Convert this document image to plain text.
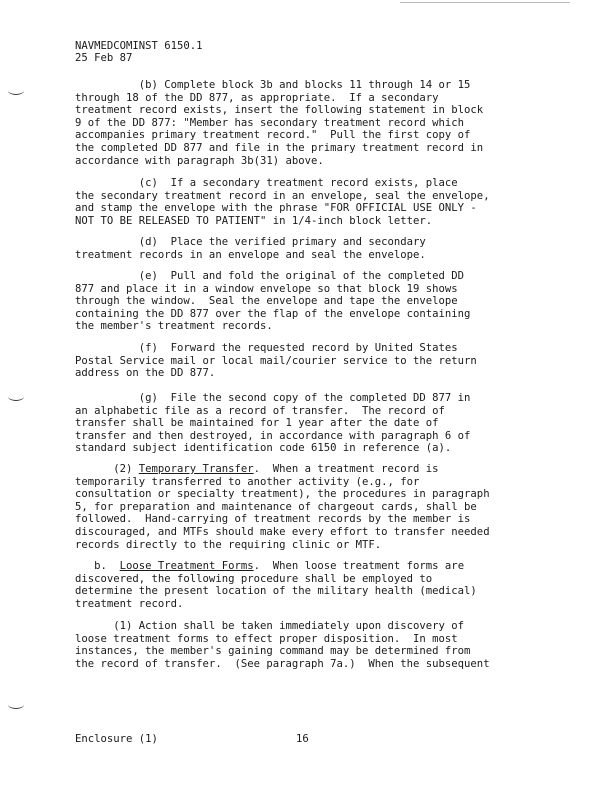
NAVMEDCOMINST 6150.1
25 Feb 87
(b) Complete block 3b and blocks 11 through 14 or 15
through 18 of the DD 877, as appropriate.  If a secondary
treatment record exists, insert the following statement in block
9 of the DD 877: "Member has secondary treatment record which
accompanies primary treatment record."  Pull the first copy of
the completed DD 877 and file in the primary treatment record in
accordance with paragraph 3b(31) above.
(c)  If a secondary treatment record exists, place
the secondary treatment record in an envelope, seal the envelope,
and stamp the envelope with the phrase "FOR OFFICIAL USE ONLY -
NOT TO BE RELEASED TO PATIENT" in 1/4-inch block letter.
(d)  Place the verified primary and secondary
treatment records in an envelope and seal the envelope.
(e)  Pull and fold the original of the completed DD
877 and place it in a window envelope so that block 19 shows
through the window.  Seal the envelope and tape the envelope
containing the DD 877 over the flap of the envelope containing
the member's treatment records.
(f)  Forward the requested record by United States
Postal Service mail or local mail/courier service to the return
address on the DD 877.
(g)  File the second copy of the completed DD 877 in
an alphabetic file as a record of transfer.  The record of
transfer shall be maintained for 1 year after the date of
transfer and then destroyed, in accordance with paragraph 6 of
standard subject identification code 6150 in reference (a).
(2) Temporary Transfer.  When a treatment record is
temporarily transferred to another activity (e.g., for
consultation or specialty treatment), the procedures in paragraph
5, for preparation and maintenance of chargeout cards, shall be
followed.  Hand-carrying of treatment records by the member is
discouraged, and MTFs should make every effort to transfer needed
records directly to the requiring clinic or MTF.
b.  Loose Treatment Forms.  When loose treatment forms are
discovered, the following procedure shall be employed to
determine the present location of the military health (medical)
treatment record.
(1) Action shall be taken immediately upon discovery of
loose treatment forms to effect proper disposition.  In most
instances, the member's gaining command may be determined from
the record of transfer.  (See paragraph 7a.)  When the subsequent
Enclosure (1)	16
